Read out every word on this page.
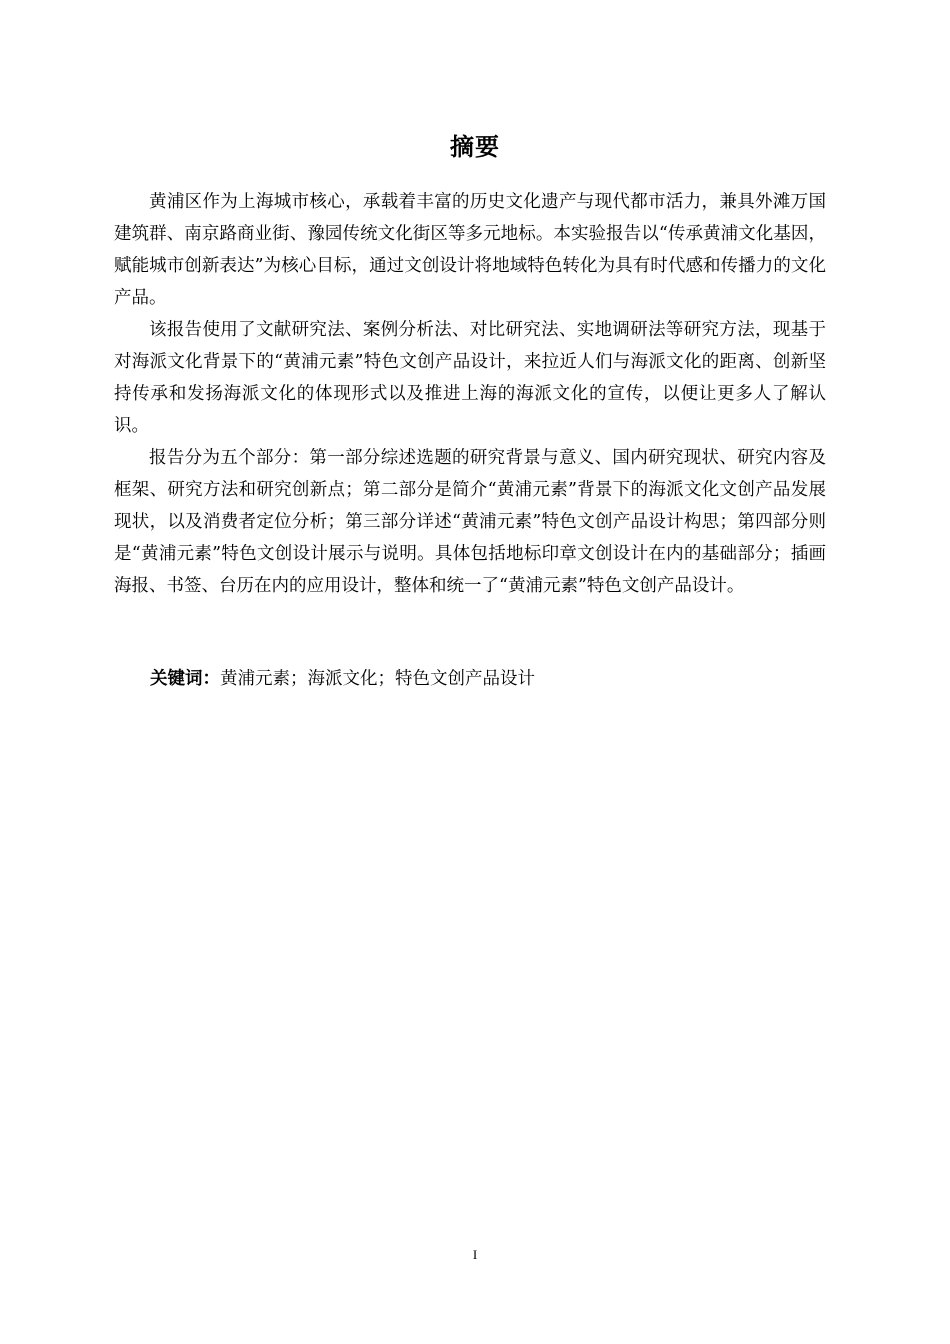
摘要

黄浦区作为上海城市核心，承载着丰富的历史文化遗产与现代都市活力，兼具外滩万国建筑群、南京路商业街、豫园传统文化街区等多元地标。本实验报告以“传承黄浦文化基因，赋能城市创新表达”为核心目标，通过文创设计将地域特色转化为具有时代感和传播力的文化产品。

该报告使用了文献研究法、案例分析法、对比研究法、实地调研法等研究方法，现基于对海派文化背景下的“黄浦元素”特色文创产品设计，来拉近人们与海派文化的距离、创新坚持传承和发扬海派文化的体现形式以及推进上海的海派文化的宣传，以便让更多人了解认识。

报告分为五个部分：第一部分综述选题的研究背景与意义、国内研究现状、研究内容及框架、研究方法和研究创新点；第二部分是简介“黄浦元素”背景下的海派文化文创产品发展现状，以及消费者定位分析；第三部分详述“黄浦元素”特色文创产品设计构思；第四部分则是“黄浦元素”特色文创设计展示与说明。具体包括地标印章文创设计在内的基础部分；插画海报、书签、台历在内的应用设计，整体和统一了“黄浦元素”特色文创产品设计。

关键词：黄浦元素；海派文化；特色文创产品设计
I
